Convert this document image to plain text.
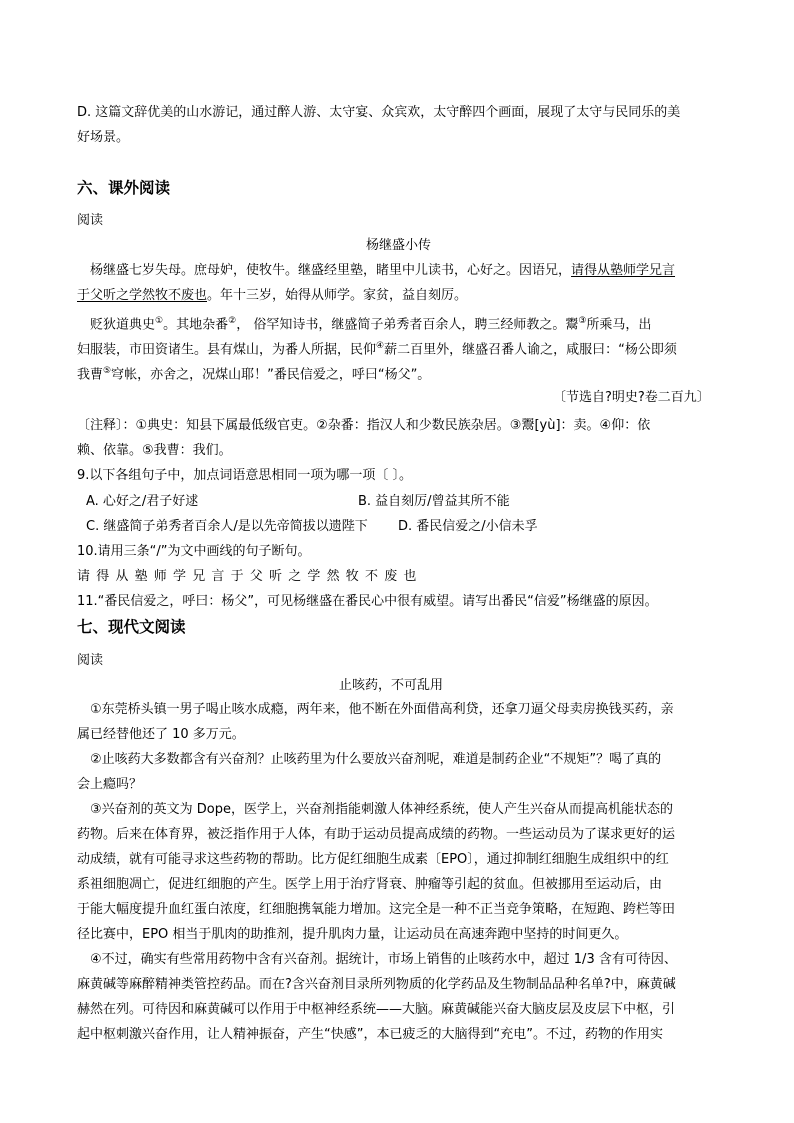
D. 这篇文辞优美的山水游记，通过醉人游、太守宴、众宾欢，太守醉四个画面，展现了太守与民同乐的美
好场景。
六、课外阅读
阅读
杨继盛小传
杨继盛七岁失母。庶母妒，使牧牛。继盛经里塾，睹里中儿读书，心好之。因语兄，请得从塾师学兄言
于父听之学然牧不废也。年十三岁，始得从师学。家贫，益自刻厉。
贬狄道典史①。其地杂番②， 俗罕知诗书，继盛简子弟秀者百余人，聘三经师教之。鬻③所乘马，出
妇服装，市田资诸生。县有煤山，为番人所据，民仰④薪二百里外，继盛召番人谕之，咸服曰：“杨公即须
我曹⑤穹帐，亦舍之，况煤山耶！”番民信爱之，呼曰“杨父”。
〔节选自?明史?卷二百九〕
〔注释〕：①典史：知县下属最低级官吏。②杂番：指汉人和少数民族杂居。③鬻[yù]：卖。④仰：依
赖、依靠。⑤我曹：我们。
9.以下各组句子中，加点词语意思相同一项为哪一项〔 〕。
A. 心好之/君子好逑	B. 益自刻厉/曾益其所不能
C. 继盛简子弟秀者百余人/是以先帝简拔以遗陛下 D. 番民信爱之/小信未孚
10.请用三条“/”为文中画线的句子断句。
请得从塾师学兄言于父听之学然牧不废也
11.“番民信爱之，呼曰：杨父”，可见杨继盛在番民心中很有威望。请写出番民“信爱”杨继盛的原因。
七、现代文阅读
阅读
止咳药，不可乱用
①东莞桥头镇一男子喝止咳水成瘾，两年来，他不断在外面借高利贷，还拿刀逼父母卖房换钱买药，亲
属已经替他还了 10 多万元。
②止咳药大多数都含有兴奋剂？止咳药里为什么要放兴奋剂呢，难道是制药企业“不规矩”？喝了真的
会上瘾吗？
③兴奋剂的英文为 Dope，医学上，兴奋剂指能刺激人体神经系统，使人产生兴奋从而提高机能状态的
药物。后来在体育界，被泛指作用于人体，有助于运动员提高成绩的药物。一些运动员为了谋求更好的运
动成绩，就有可能寻求这些药物的帮助。比方促红细胞生成素〔EPO〕，通过抑制红细胞生成组织中的红
系祖细胞凋亡，促进红细胞的产生。医学上用于治疗肾衰、肿瘤等引起的贫血。但被挪用至运动后，由
于能大幅度提升血红蛋白浓度，红细胞携氧能力增加。这完全是一种不正当竞争策略，在短跑、跨栏等田
径比赛中，EPO 相当于肌肉的助推剂，提升肌肉力量，让运动员在高速奔跑中坚持的时间更久。
④不过，确实有些常用药物中含有兴奋剂。据统计，市场上销售的止咳药水中，超过 1/3 含有可待因、
麻黄碱等麻醉精神类管控药品。而在?含兴奋剂目录所列物质的化学药品及生物制品品种名单?中，麻黄碱
赫然在列。可待因和麻黄碱可以作用于中枢神经系统——大脑。麻黄碱能兴奋大脑皮层及皮层下中枢，引
起中枢刺激兴奋作用，让人精神振奋，产生“快感”，本已疲乏的大脑得到“充电”。不过，药物的作用实
